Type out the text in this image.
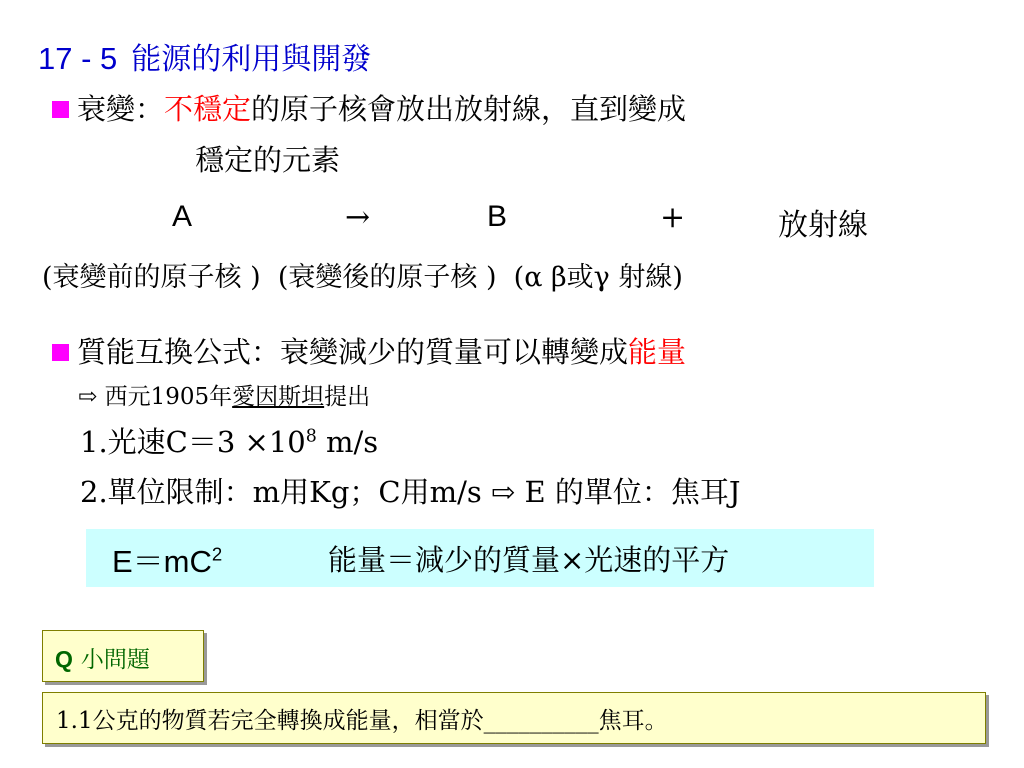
17 - 5 能源的利用與開發
衰變：不穩定的原子核會放出放射線，直到變成
穩定的元素
A	→	B	+	放射線
(衰變前的原子核 ) (衰變後的原子核 ) (α β或γ 射線)
質能互換公式：衰變減少的質量可以轉變成能量
⇨ 西元1905年愛因斯坦提出
1.光速$C=3 \times 10^8$ m/s
2.單位限制：m用Kg；C用m/s ⇨ E 的單位：焦耳J
$E=mC^2$	能量＝減少的質量×光速的平方
Q 小問題
1.1公克的物質若完全轉換成能量，相當於__________焦耳。
